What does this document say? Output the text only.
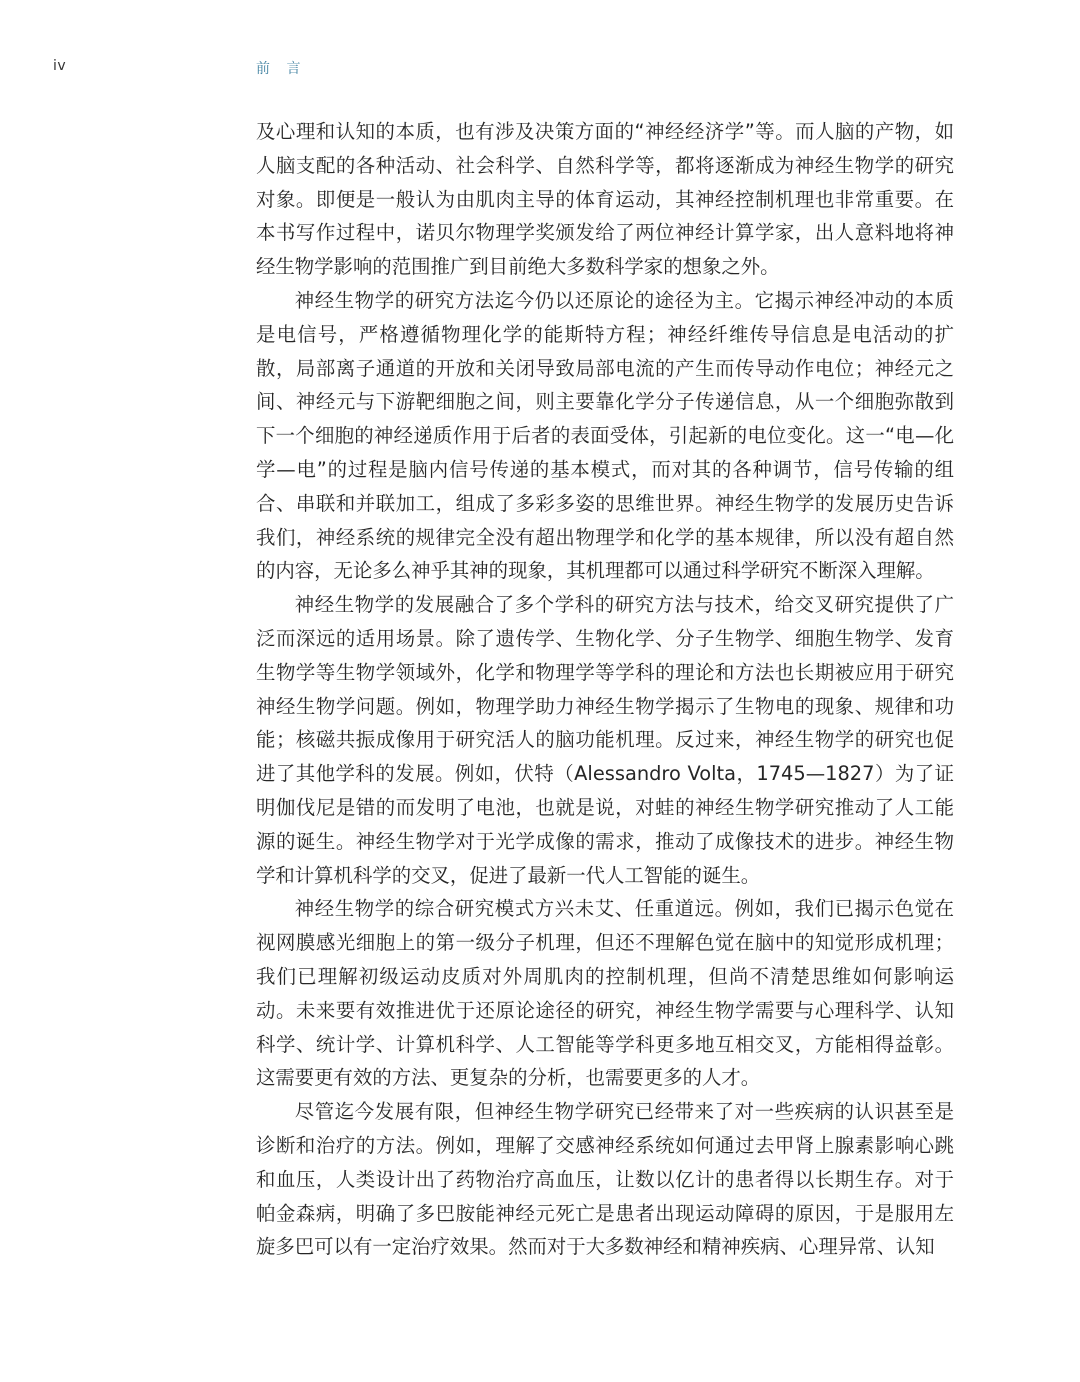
iv	前 言

及心理和认知的本质，也有涉及决策方面的“神经经济学”等。而人脑的产物，如人脑支配的各种活动、社会科学、自然科学等，都将逐渐成为神经生物学的研究对象。即便是一般认为由肌肉主导的体育运动，其神经控制机理也非常重要。在本书写作过程中，诺贝尔物理学奖颁发给了两位神经计算学家，出人意料地将神经生物学影响的范围推广到目前绝大多数科学家的想象之外。

神经生物学的研究方法迄今仍以还原论的途径为主。它揭示神经冲动的本质是电信号，严格遵循物理化学的能斯特方程；神经纤维传导信息是电活动的扩散，局部离子通道的开放和关闭导致局部电流的产生而传导动作电位；神经元之间、神经元与下游靶细胞之间，则主要靠化学分子传递信息，从一个细胞弥散到下一个细胞的神经递质作用于后者的表面受体，引起新的电位变化。这一“电—化学—电”的过程是脑内信号传递的基本模式，而对其的各种调节，信号传输的组合、串联和并联加工，组成了多彩多姿的思维世界。神经生物学的发展历史告诉我们，神经系统的规律完全没有超出物理学和化学的基本规律，所以没有超自然的内容，无论多么神乎其神的现象，其机理都可以通过科学研究不断深入理解。

神经生物学的发展融合了多个学科的研究方法与技术，给交叉研究提供了广泛而深远的适用场景。除了遗传学、生物化学、分子生物学、细胞生物学、发育生物学等生物学领域外，化学和物理学等学科的理论和方法也长期被应用于研究神经生物学问题。例如，物理学助力神经生物学揭示了生物电的现象、规律和功能；核磁共振成像用于研究活人的脑功能机理。反过来，神经生物学的研究也促进了其他学科的发展。例如，伏特（Alessandro Volta，1745—1827）为了证明伽伐尼是错的而发明了电池，也就是说，对蛙的神经生物学研究推动了人工能源的诞生。神经生物学对于光学成像的需求，推动了成像技术的进步。神经生物学和计算机科学的交叉，促进了最新一代人工智能的诞生。

神经生物学的综合研究模式方兴未艾、任重道远。例如，我们已揭示色觉在视网膜感光细胞上的第一级分子机理，但还不理解色觉在脑中的知觉形成机理；我们已理解初级运动皮质对外周肌肉的控制机理，但尚不清楚思维如何影响运动。未来要有效推进优于还原论途径的研究，神经生物学需要与心理科学、认知科学、统计学、计算机科学、人工智能等学科更多地互相交叉，方能相得益彰。这需要更有效的方法、更复杂的分析，也需要更多的人才。

尽管迄今发展有限，但神经生物学研究已经带来了对一些疾病的认识甚至是诊断和治疗的方法。例如，理解了交感神经系统如何通过去甲肾上腺素影响心跳和血压，人类设计出了药物治疗高血压，让数以亿计的患者得以长期生存。对于帕金森病，明确了多巴胺能神经元死亡是患者出现运动障碍的原因，于是服用左旋多巴可以有一定治疗效果。然而对于大多数神经和精神疾病、心理异常、认知
